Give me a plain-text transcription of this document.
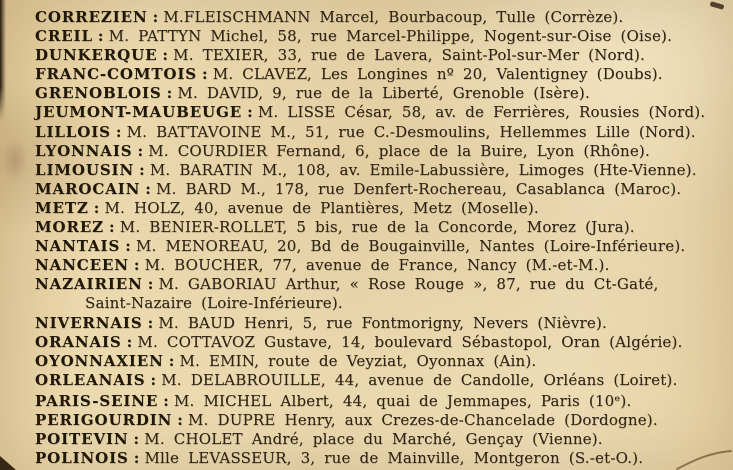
CORREZIEN : M.FLEISCHMANN Marcel, Bourbacoup, Tulle (Corrèze).

CREIL : M. PATTYN Michel, 58, rue Marcel-Philippe, Nogent-sur-Oise (Oise).

DUNKERQUE : M. TEXIER, 33, rue de Lavera, Saint-Pol-sur-Mer (Nord).

FRANC-COMTOIS : M. CLAVEZ, Les Longines nº 20, Valentigney (Doubs).

GRENOBLOIS : M. DAVID, 9, rue de la Liberté, Grenoble (Isère).

JEUMONT-MAUBEUGE : M. LISSE César, 58, av. de Ferrières, Rousies (Nord).

LILLOIS : M. BATTAVOINE M., 51, rue C.-Desmoulins, Hellemmes Lille (Nord).

LYONNAIS : M. COURDIER Fernand, 6, place de la Buire, Lyon (Rhône).

LIMOUSIN : M. BARATIN M., 108, av. Emile-Labussière, Limoges (Hte-Vienne).

MAROCAIN : M. BARD M., 178, rue Denfert-Rochereau, Casablanca (Maroc).

METZ : M. HOLZ, 40, avenue de Plantières, Metz (Moselle).

MOREZ : M. BENIER-ROLLET, 5 bis, rue de la Concorde, Morez (Jura).

NANTAIS : M. MENOREAU, 20, Bd de Bougainville, Nantes (Loire-Inférieure).

NANCEEN : M. BOUCHER, 77, avenue de France, Nancy (M.-et-M.).

NAZAIRIEN : M. GABORIAU Arthur, « Rose Rouge », 87, rue du Ct-Gaté,
Saint-Nazaire (Loire-Inférieure).

NIVERNAIS : M. BAUD Henri, 5, rue Fontmorigny, Nevers (Nièvre).

ORANAIS : M. COTTAVOZ Gustave, 14, boulevard Sébastopol, Oran (Algérie).

OYONNAXIEN : M. EMIN, route de Veyziat, Oyonnax (Ain).

ORLEANAIS : M. DELABROUILLE, 44, avenue de Candolle, Orléans (Loiret).

PARIS-SEINE : M. MICHEL Albert, 44, quai de Jemmapes, Paris (10ᵉ).

PERIGOURDIN : M. DUPRE Henry, aux Crezes-de-Chancelade (Dordogne).

POITEVIN : M. CHOLET André, place du Marché, Gençay (Vienne).

POLINOIS : Mlle LEVASSEUR, 3, rue de Mainville, Montgeron (S.-et-O.).
